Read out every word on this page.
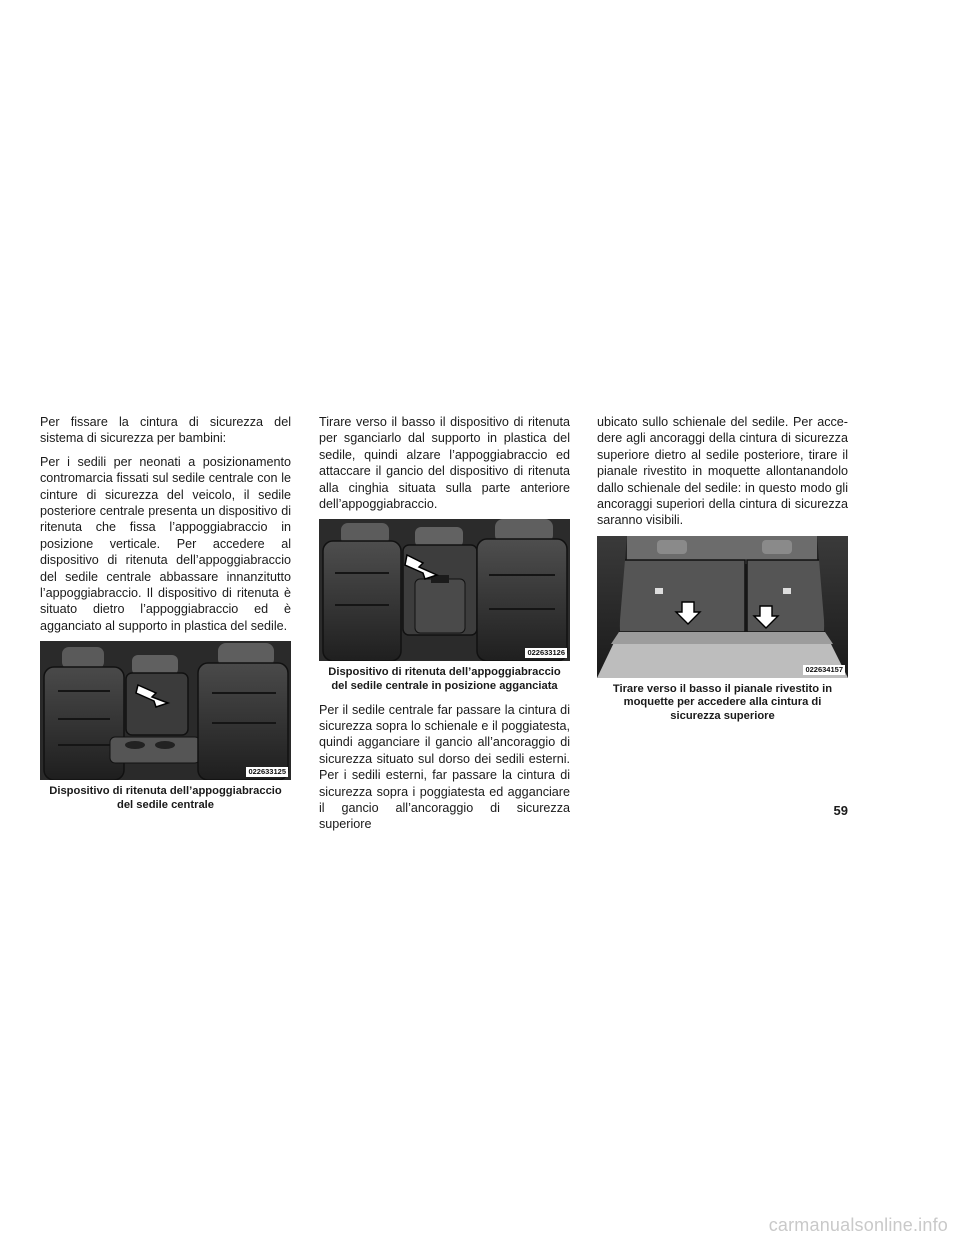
Per fissare la cintura di sicurezza del sistema di sicurezza per bambini:

Per i sedili per neonati a posizionamento contromarcia fissati sul sedile centrale con le cinture di sicurezza del veicolo, il sedile posteriore centrale presenta un dispositivo di ritenuta che fissa l’appoggiabraccio in posizione verticale. Per accedere al dispositivo di ritenuta dell’appoggiabraccio del sedile centrale abbassare innanzitutto l’appoggiabraccio. Il dispositivo di ritenuta è situato dietro l’appoggiabraccio ed è agganciato al supporto in plastica del sedile.

022633125

Dispositivo di ritenuta dell’appoggiabraccio del sedile centrale

Tirare verso il basso il dispositivo di ritenuta per sganciarlo dal supporto in plastica del sedile, quindi alzare l’appoggiabraccio ed attaccare il gancio del dispositivo di ritenuta alla cinghia situata sulla parte anteriore dell’appoggiabraccio.

022633126

Dispositivo di ritenuta dell’appoggiabraccio del sedile centrale in posizione agganciata

Per il sedile centrale far passare la cintura di sicurezza sopra lo schienale e il poggiatesta, quindi agganciare il gancio all’ancoraggio di sicurezza situato sul dorso dei sedili esterni. Per i sedili esterni, far passare la cintura di sicurezza sopra i poggiatesta ed agganciare il gancio all’ancoraggio di sicurezza superiore

ubicato sullo schienale del sedile. Per accedere agli ancoraggi della cintura di sicurezza superiore dietro al sedile posteriore, tirare il pianale rivestito in moquette allontanandolo dallo schienale del sedile: in questo modo gli ancoraggi superiori della cintura di sicurezza saranno visibili.

022634157

Tirare verso il basso il pianale rivestito in moquette per accedere alla cintura di sicurezza superiore

59
carmanualsonline.info
